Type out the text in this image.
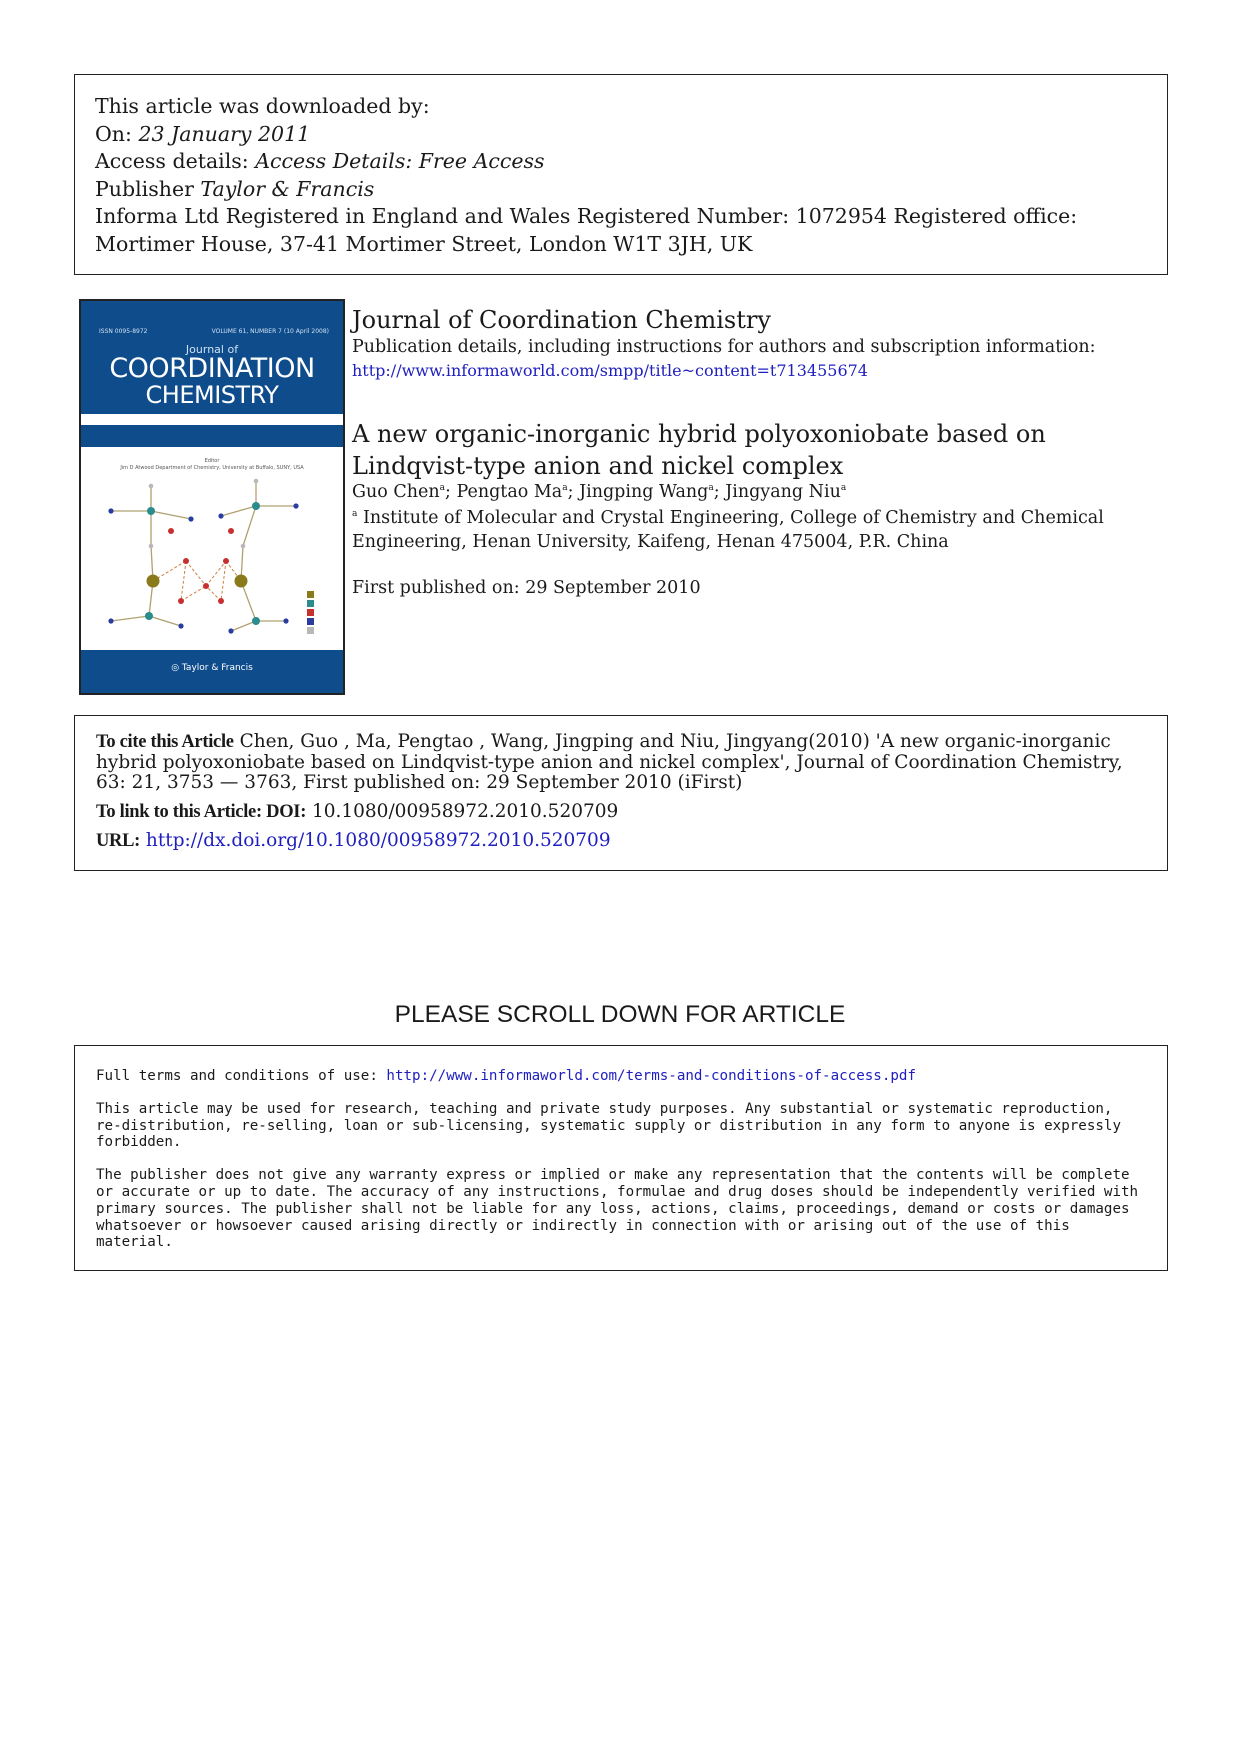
This article was downloaded by:
On: 23 January 2011
Access details: Access Details: Free Access
Publisher Taylor & Francis
Informa Ltd Registered in England and Wales Registered Number: 1072954 Registered office: Mortimer House, 37-41 Mortimer Street, London W1T 3JH, UK
ISSN 0095-8972	VOLUME 61, NUMBER 7 (10 April 2008)
Journal of
COORDINATION
CHEMISTRY
Editor
Jim D Atwood Department of Chemistry, University at Buffalo, SUNY, USA
◎ Taylor & Francis
Journal of Coordination Chemistry
Publication details, including instructions for authors and subscription information:
http://www.informaworld.com/smpp/title~content=t713455674
A new organic-inorganic hybrid polyoxoniobate based on Lindqvist-type anion and nickel complex
Guo Chen$^a$; Pengtao Ma$^a$; Jingping Wang$^a$; Jingyang Niu$^a$
$^a$ Institute of Molecular and Crystal Engineering, College of Chemistry and Chemical Engineering, Henan University, Kaifeng, Henan 475004, P.R. China
First published on: 29 September 2010
To cite this Article Chen, Guo , Ma, Pengtao , Wang, Jingping and Niu, Jingyang(2010) 'A new organic-inorganic hybrid polyoxoniobate based on Lindqvist-type anion and nickel complex', Journal of Coordination Chemistry, 63: 21, 3753 — 3763, First published on: 29 September 2010 (iFirst)
To link to this Article: DOI: 10.1080/00958972.2010.520709
URL: http://dx.doi.org/10.1080/00958972.2010.520709
PLEASE SCROLL DOWN FOR ARTICLE

Full terms and conditions of use: http://www.informaworld.com/terms-and-conditions-of-access.pdf

This article may be used for research, teaching and private study purposes. Any substantial or systematic reproduction, re-distribution, re-selling, loan or sub-licensing, systematic supply or distribution in any form to anyone is expressly forbidden.

The publisher does not give any warranty express or implied or make any representation that the contents will be complete or accurate or up to date. The accuracy of any instructions, formulae and drug doses should be independently verified with primary sources. The publisher shall not be liable for any loss, actions, claims, proceedings, demand or costs or damages whatsoever or howsoever caused arising directly or indirectly in connection with or arising out of the use of this material.
